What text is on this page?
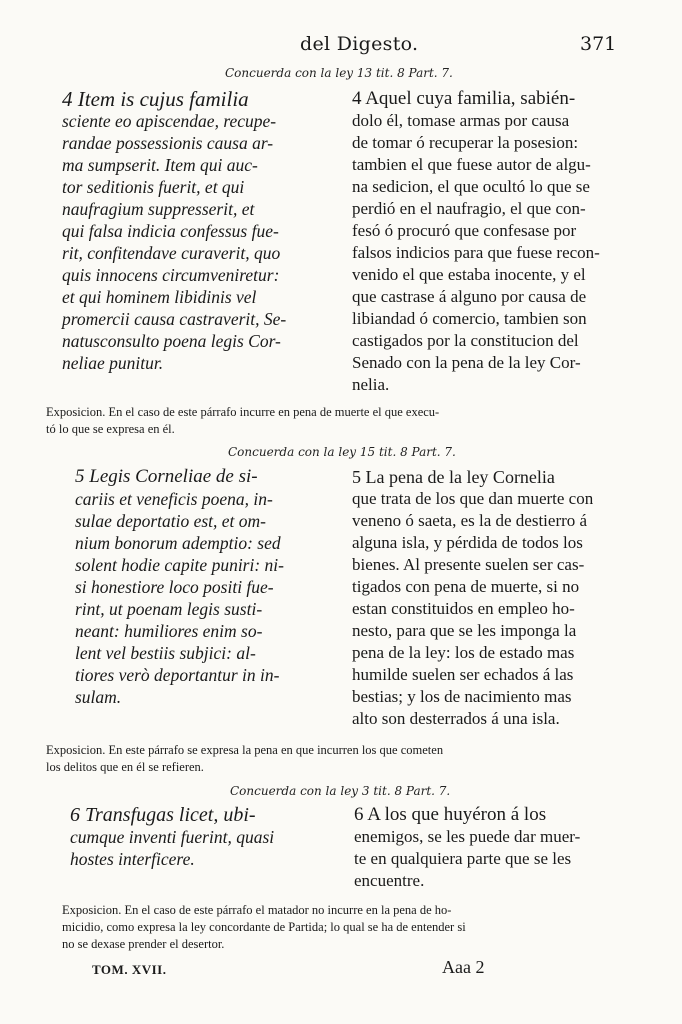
del Digesto.	371
Concuerda con la ley 13 tit. 8 Part. 7.
4 Item is cujus familia
sciente eo apiscendae, recupe-
randae possessionis causa ar-
ma sumpserit. Item qui auc-
tor seditionis fuerit, et qui
naufragium suppresserit, et
qui falsa indicia confessus fue-
rit, confitendave curaverit, quo
quis innocens circumveniretur:
et qui hominem libidinis vel
promercii causa castraverit, Se-
natusconsulto poena legis Cor-
neliae punitur.
4 Aquel cuya familia, sabién-
dolo él, tomase armas por causa
de tomar ó recuperar la posesion:
tambien el que fuese autor de algu-
na sedicion, el que ocultó lo que se
perdió en el naufragio, el que con-
fesó ó procuró que confesase por
falsos indicios para que fuese recon-
venido el que estaba inocente, y el
que castrase á alguno por causa de
libiandad ó comercio, tambien son
castigados por la constitucion del
Senado con la pena de la ley Cor-
nelia.
Exposicion. En el caso de este párrafo incurre en pena de muerte el que execu-
tó lo que se expresa en él.
Concuerda con la ley 15 tit. 8 Part. 7.
5 Legis Corneliae de si-
cariis et veneficis poena, in-
sulae deportatio est, et om-
nium bonorum ademptio: sed
solent hodie capite puniri: ni-
si honestiore loco positi fue-
rint, ut poenam legis susti-
neant: humiliores enim so-
lent vel bestiis subjici: al-
tiores verò deportantur in in-
sulam.
5 La pena de la ley Cornelia
que trata de los que dan muerte con
veneno ó saeta, es la de destierro á
alguna isla, y pérdida de todos los
bienes. Al presente suelen ser cas-
tigados con pena de muerte, si no
estan constituidos en empleo ho-
nesto, para que se les imponga la
pena de la ley: los de estado mas
humilde suelen ser echados á las
bestias; y los de nacimiento mas
alto son desterrados á una isla.
Exposicion. En este párrafo se expresa la pena en que incurren los que cometen
los delitos que en él se refieren.
Concuerda con la ley 3 tit. 8 Part. 7.
6 Transfugas licet, ubi-
cumque inventi fuerint, quasi
hostes interficere.
6 A los que huyéron á los
enemigos, se les puede dar muer-
te en qualquiera parte que se les
encuentre.
Exposicion. En el caso de este párrafo el matador no incurre en la pena de ho-
micidio, como expresa la ley concordante de Partida; lo qual se ha de entender si
no se dexase prender el desertor.
TOM. XVII.	Aaa 2
